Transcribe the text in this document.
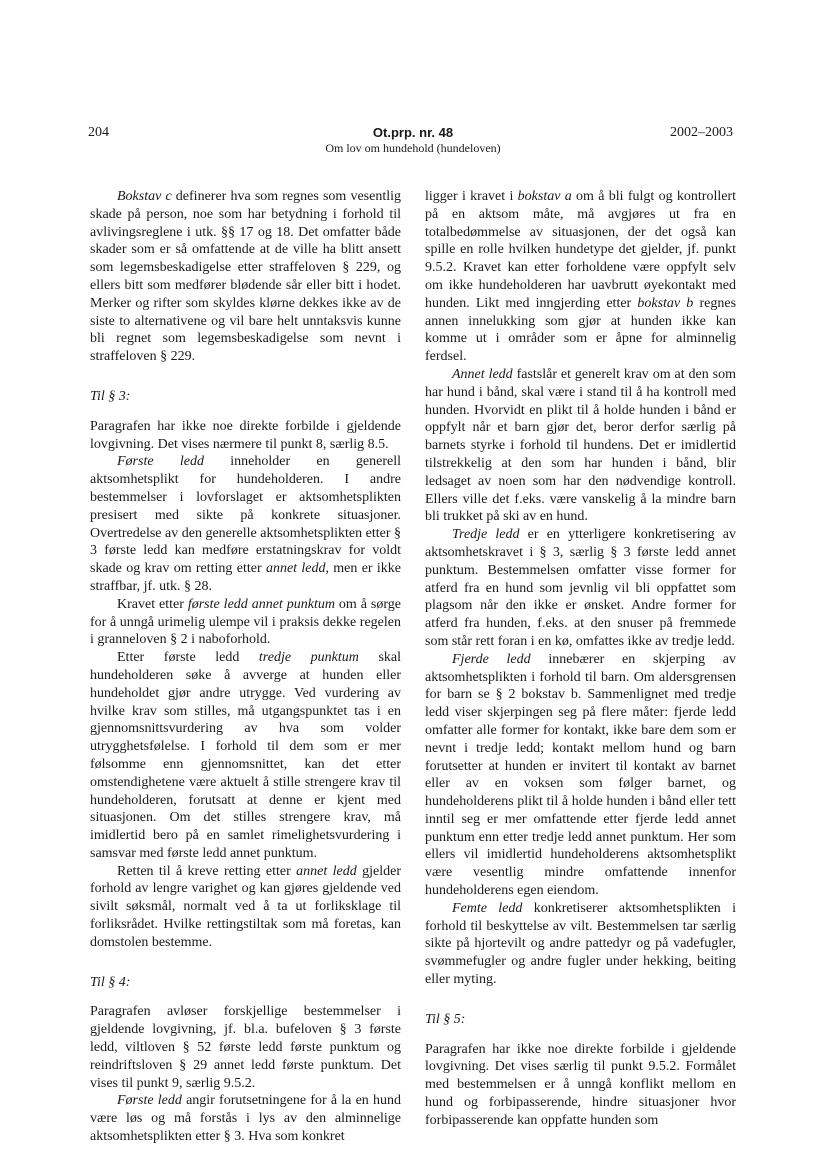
204	Ot.prp. nr. 48
Om lov om hundehold (hundeloven)
2002–2003

Bokstav c definerer hva som regnes som vesentlig skade på person, noe som har betydning i forhold til avlivingsreglene i utk. §§ 17 og 18. Det omfatter både skader som er så omfattende at de ville ha blitt ansett som legemsbeskadigelse etter straffeloven § 229, og ellers bitt som medfører blødende sår eller bitt i hodet. Merker og rifter som skyldes klørne dekkes ikke av de siste to alternativene og vil bare helt unntaksvis kunne bli regnet som legemsbeskadigelse som nevnt i straffeloven § 229.

Til § 3:

Paragrafen har ikke noe direkte forbilde i gjeldende lovgivning. Det vises nærmere til punkt 8, særlig 8.5.

Første ledd inneholder en generell aktsomhetsplikt for hundeholderen. I andre bestemmelser i lovforslaget er aktsomhetsplikten presisert med sikte på konkrete situasjoner. Overtredelse av den generelle aktsomhetsplikten etter § 3 første ledd kan medføre erstatningskrav for voldt skade og krav om retting etter annet ledd, men er ikke straffbar, jf. utk. § 28.

Kravet etter første ledd annet punktum om å sørge for å unngå urimelig ulempe vil i praksis dekke regelen i granneloven § 2 i naboforhold.

Etter første ledd tredje punktum skal hundeholderen søke å avverge at hunden eller hundeholdet gjør andre utrygge. Ved vurdering av hvilke krav som stilles, må utgangspunktet tas i en gjennomsnittsvurdering av hva som volder utrygghetsfølelse. I forhold til dem som er mer følsomme enn gjennomsnittet, kan det etter omstendighetene være aktuelt å stille strengere krav til hundeholderen, forutsatt at denne er kjent med situasjonen. Om det stilles strengere krav, må imidlertid bero på en samlet rimelighetsvurdering i samsvar med første ledd annet punktum.

Retten til å kreve retting etter annet ledd gjelder forhold av lengre varighet og kan gjøres gjeldende ved sivilt søksmål, normalt ved å ta ut forliksklage til forliksrådet. Hvilke rettingstiltak som må foretas, kan domstolen bestemme.

Til § 4:

Paragrafen avløser forskjellige bestemmelser i gjeldende lovgivning, jf. bl.a. bufeloven § 3 første ledd, viltloven § 52 første ledd første punktum og reindriftsloven § 29 annet ledd første punktum. Det vises til punkt 9, særlig 9.5.2.

Første ledd angir forutsetningene for å la en hund være løs og må forstås i lys av den alminnelige aktsomhetsplikten etter § 3. Hva som konkret

ligger i kravet i bokstav a om å bli fulgt og kontrollert på en aktsom måte, må avgjøres ut fra en totalbedømmelse av situasjonen, der det også kan spille en rolle hvilken hundetype det gjelder, jf. punkt 9.5.2. Kravet kan etter forholdene være oppfylt selv om ikke hundeholderen har uavbrutt øyekontakt med hunden. Likt med inngjerding etter bokstav b regnes annen innelukking som gjør at hunden ikke kan komme ut i områder som er åpne for alminnelig ferdsel.

Annet ledd fastslår et generelt krav om at den som har hund i bånd, skal være i stand til å ha kontroll med hunden. Hvorvidt en plikt til å holde hunden i bånd er oppfylt når et barn gjør det, beror derfor særlig på barnets styrke i forhold til hundens. Det er imidlertid tilstrekkelig at den som har hunden i bånd, blir ledsaget av noen som har den nødvendige kontroll. Ellers ville det f.eks. være vanskelig å la mindre barn bli trukket på ski av en hund.

Tredje ledd er en ytterligere konkretisering av aktsomhetskravet i § 3, særlig § 3 første ledd annet punktum. Bestemmelsen omfatter visse former for atferd fra en hund som jevnlig vil bli oppfattet som plagsom når den ikke er ønsket. Andre former for atferd fra hunden, f.eks. at den snuser på fremmede som står rett foran i en kø, omfattes ikke av tredje ledd.

Fjerde ledd innebærer en skjerping av aktsomhetsplikten i forhold til barn. Om aldersgrensen for barn se § 2 bokstav b. Sammenlignet med tredje ledd viser skjerpingen seg på flere måter: fjerde ledd omfatter alle former for kontakt, ikke bare dem som er nevnt i tredje ledd; kontakt mellom hund og barn forutsetter at hunden er invitert til kontakt av barnet eller av en voksen som følger barnet, og hundeholderens plikt til å holde hunden i bånd eller tett inntil seg er mer omfattende etter fjerde ledd annet punktum enn etter tredje ledd annet punktum. Her som ellers vil imidlertid hundeholderens aktsomhetsplikt være vesentlig mindre omfattende innenfor hundeholderens egen eiendom.

Femte ledd konkretiserer aktsomhetsplikten i forhold til beskyttelse av vilt. Bestemmelsen tar særlig sikte på hjortevilt og andre pattedyr og på vadefugler, svømmefugler og andre fugler under hekking, beiting eller myting.

Til § 5:

Paragrafen har ikke noe direkte forbilde i gjeldende lovgivning. Det vises særlig til punkt 9.5.2. Formålet med bestemmelsen er å unngå konflikt mellom en hund og forbipasserende, hindre situasjoner hvor forbipasserende kan oppfatte hunden som
